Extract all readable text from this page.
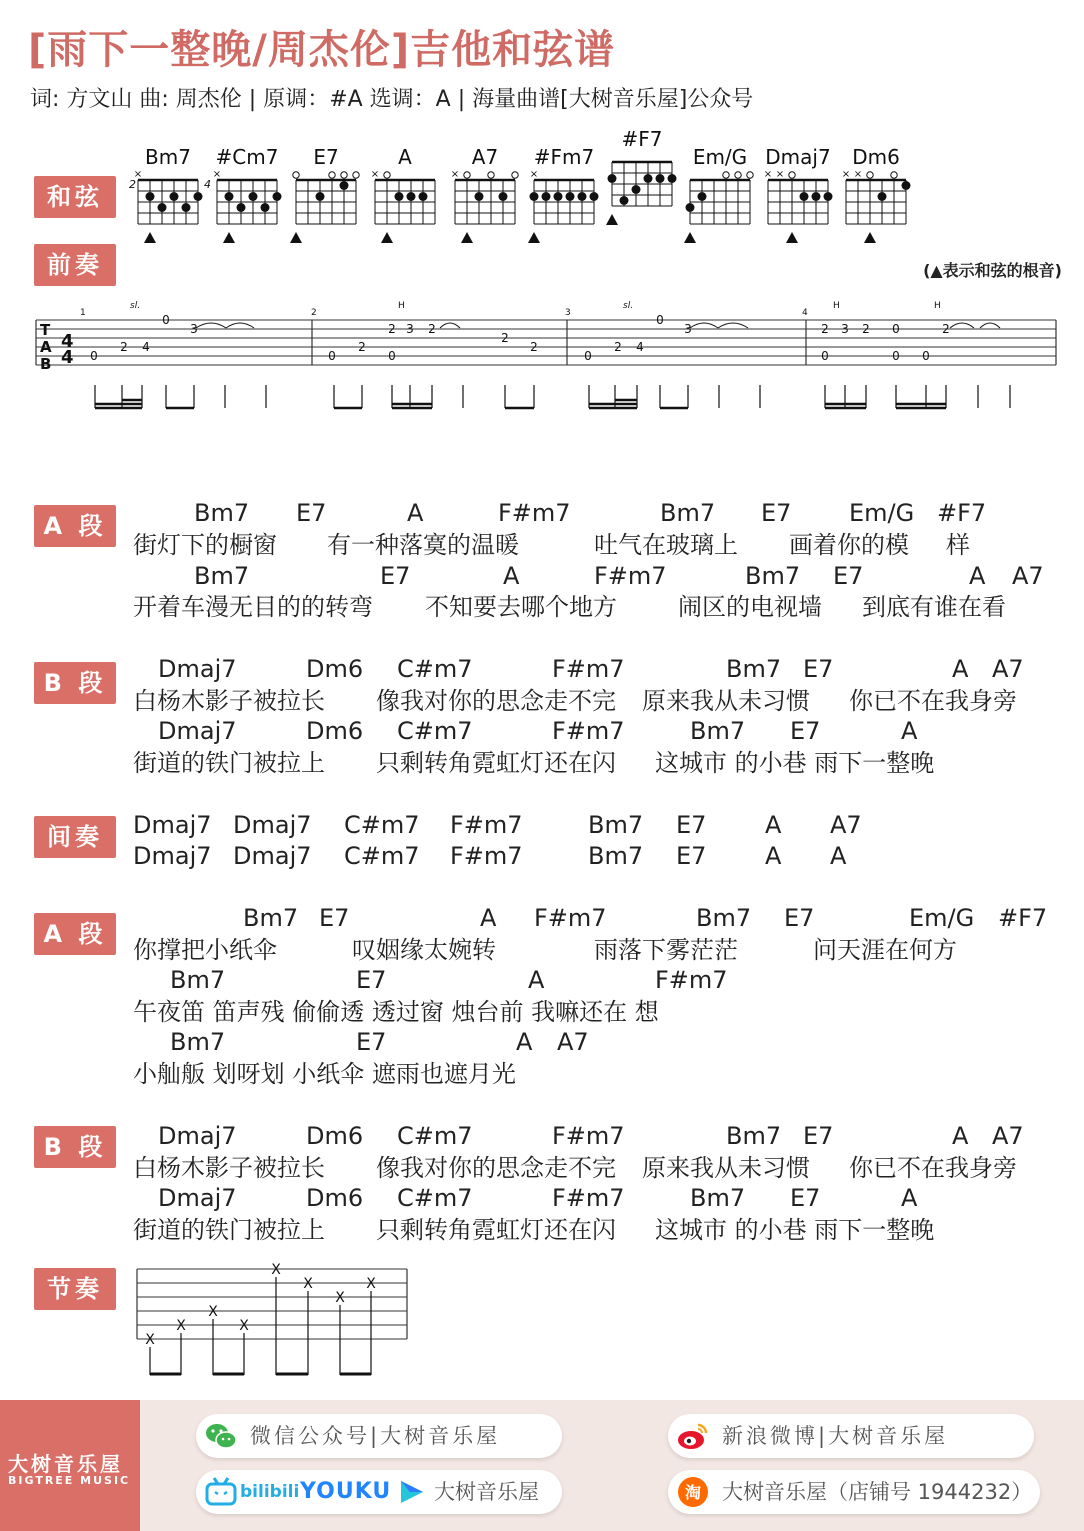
[雨下一整晚/周杰伦]吉他和弦谱
词: 方文山 曲: 周杰伦 | 原调：#A 选调：A | 海量曲谱[大树音乐屋]公众号
和弦
前奏
A 段
B 段
间奏
A 段
B 段
节奏型
(▲表示和弦的根音)
Bm7 #Cm7 E7	A	A7 #Fm7
#F7
Em/G Dmaj7 Dm6
2	4
×	×	×	×	×	× ×	× ×
T
A
B
4
4
1	2	3	4
sl.	H	sl.	H	H
0
2 4
0
3
0
2 4
0
3
0
2
0
2 3 2
2
2
0
2 3 2 0
0 0
2
Bm7 E7	A	F#m7	Bm7 E7 Em/G #F7
街灯下的橱窗 有一种落寞的温暖	吐气在玻璃上 画着你的模 样
Bm7	E7	A	F#m7	Bm7 E7	A A7
开着车漫无目的的转弯 不知要去哪个地方	闹区的电视墙 到底有谁在看
Dmaj7	Dm6 C#m7	F#m7	Bm7 E7	A A7
白杨木影子被拉长 像我对你的思念走不完 原来我从未习惯 你已不在我身旁
Dmaj7	Dm6 C#m7	F#m7	Bm7 E7	A
街道的铁门被拉上 只剩转角霓虹灯还在闪 这城市 的小巷 雨下一整晚
Dmaj7 Dmaj7 C#m7 F#m7	Bm7 E7 A A7
Dmaj7 Dmaj7 C#m7 F#m7	Bm7 E7 A A
Bm7 E7	A F#m7	Bm7 E7	Em/G #F7
你撑把小纸伞	叹姻缘太婉转	雨落下雾茫茫	问天涯在何方
Bm7	E7	A	F#m7
午夜笛 笛声残 偷偷透 透过窗 烛台前 我嘛还在 想
Bm7	E7	A A7
小舢舨 划呀划 小纸伞 遮雨也遮月光
Dmaj7	Dm6 C#m7	F#m7	Bm7 E7	A A7
白杨木影子被拉长 像我对你的思念走不完 原来我从未习惯 你已不在我身旁
Dmaj7	Dm6 C#m7	F#m7	Bm7 E7	A
街道的铁门被拉上 只剩转角霓虹灯还在闪 这城市 的小巷 雨下一整晚
X
X
X
X
X
X
X
X
大树音乐屋
BIGTREE MUSIC
微信公众号|大树音乐屋	新浪微博|大树音乐屋
bilibili YOUKU 大树音乐屋	淘 大树音乐屋（店铺号 1944232）
